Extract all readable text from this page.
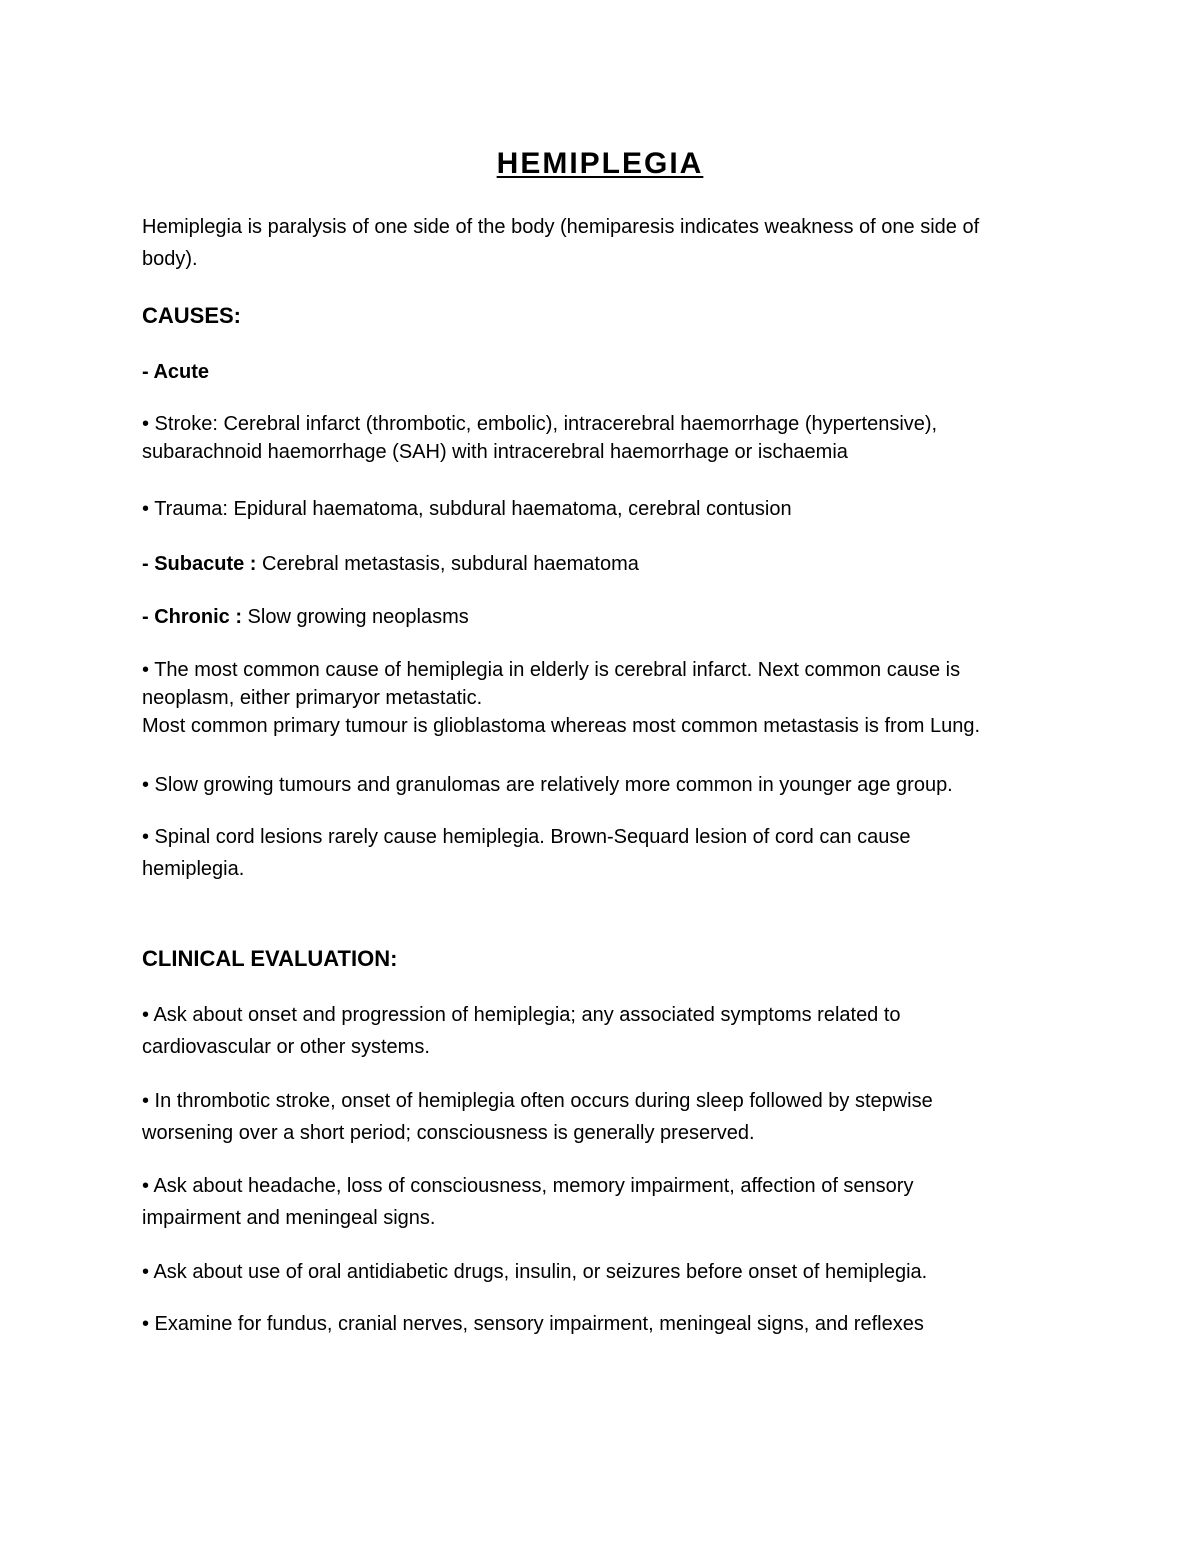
HEMIPLEGIA

Hemiplegia is paralysis of one side of the body (hemiparesis indicates weakness of one side of
body).

CAUSES:

- Acute

• Stroke: Cerebral infarct (thrombotic, embolic), intracerebral haemorrhage (hypertensive),
subarachnoid haemorrhage (SAH) with intracerebral haemorrhage or ischaemia

• Trauma: Epidural haematoma, subdural haematoma, cerebral contusion

- Subacute : Cerebral metastasis, subdural haematoma

- Chronic : Slow growing neoplasms

• The most common cause of hemiplegia in elderly is cerebral infarct. Next common cause is
neoplasm, either primaryor metastatic.
Most common primary tumour is glioblastoma whereas most common metastasis is from Lung.

• Slow growing tumours and granulomas are relatively more common in younger age group.

• Spinal cord lesions rarely cause hemiplegia. Brown-Sequard lesion of cord can cause
hemiplegia.

CLINICAL EVALUATION:

• Ask about onset and progression of hemiplegia; any associated symptoms related to
cardiovascular or other systems.

• In thrombotic stroke, onset of hemiplegia often occurs during sleep followed by stepwise
worsening over a short period; consciousness is generally preserved.

• Ask about headache, loss of consciousness, memory impairment, affection of sensory
impairment and meningeal signs.

• Ask about use of oral antidiabetic drugs, insulin, or seizures before onset of hemiplegia.

• Examine for fundus, cranial nerves, sensory impairment, meningeal signs, and reflexes
